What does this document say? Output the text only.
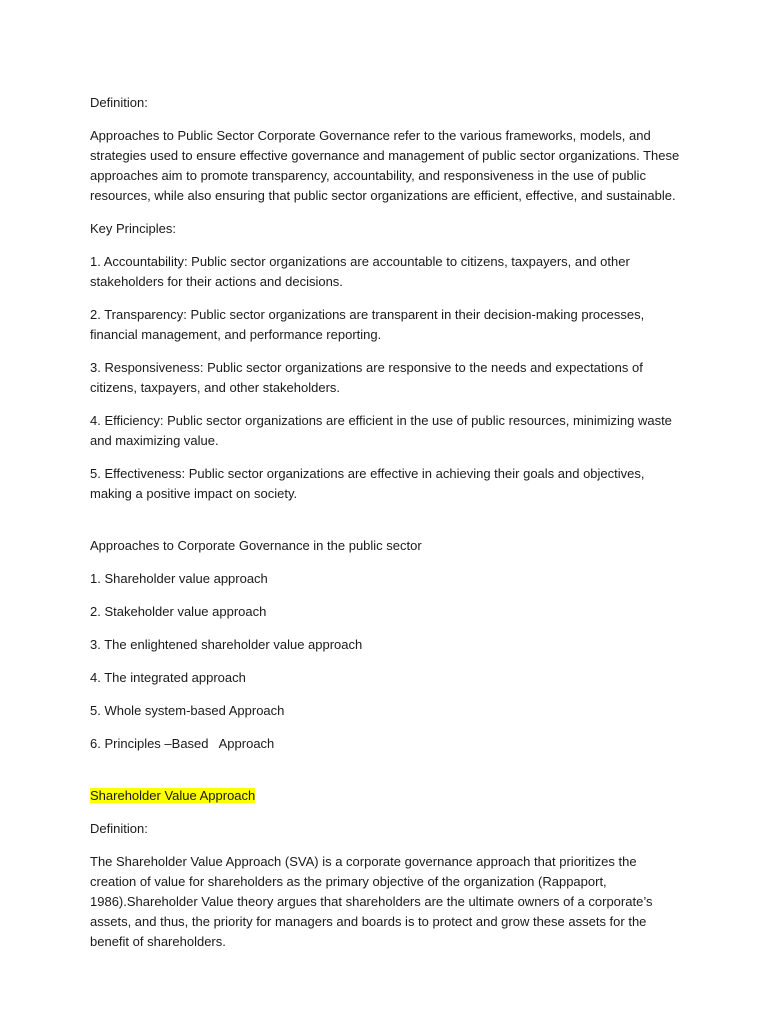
Definition:

Approaches to Public Sector Corporate Governance refer to the various frameworks, models, and strategies used to ensure effective governance and management of public sector organizations. These approaches aim to promote transparency, accountability, and responsiveness in the use of public resources, while also ensuring that public sector organizations are efficient, effective, and sustainable.

Key Principles:

1. Accountability: Public sector organizations are accountable to citizens, taxpayers, and other stakeholders for their actions and decisions.

2. Transparency: Public sector organizations are transparent in their decision-making processes, financial management, and performance reporting.

3. Responsiveness: Public sector organizations are responsive to the needs and expectations of citizens, taxpayers, and other stakeholders.

4. Efficiency: Public sector organizations are efficient in the use of public resources, minimizing waste and maximizing value.

5. Effectiveness: Public sector organizations are effective in achieving their goals and objectives, making a positive impact on society.

Approaches to Corporate Governance in the public sector

1. Shareholder value approach

2. Stakeholder value approach

3. The enlightened shareholder value approach

4. The integrated approach

5. Whole system-based Approach

6. Principles –Based   Approach

Shareholder Value Approach

Definition:

The Shareholder Value Approach (SVA) is a corporate governance approach that prioritizes the creation of value for shareholders as the primary objective of the organization (Rappaport, 1986).Shareholder Value theory argues that shareholders are the ultimate owners of a corporate’s assets, and thus, the priority for managers and boards is to protect and grow these assets for the benefit of shareholders.
